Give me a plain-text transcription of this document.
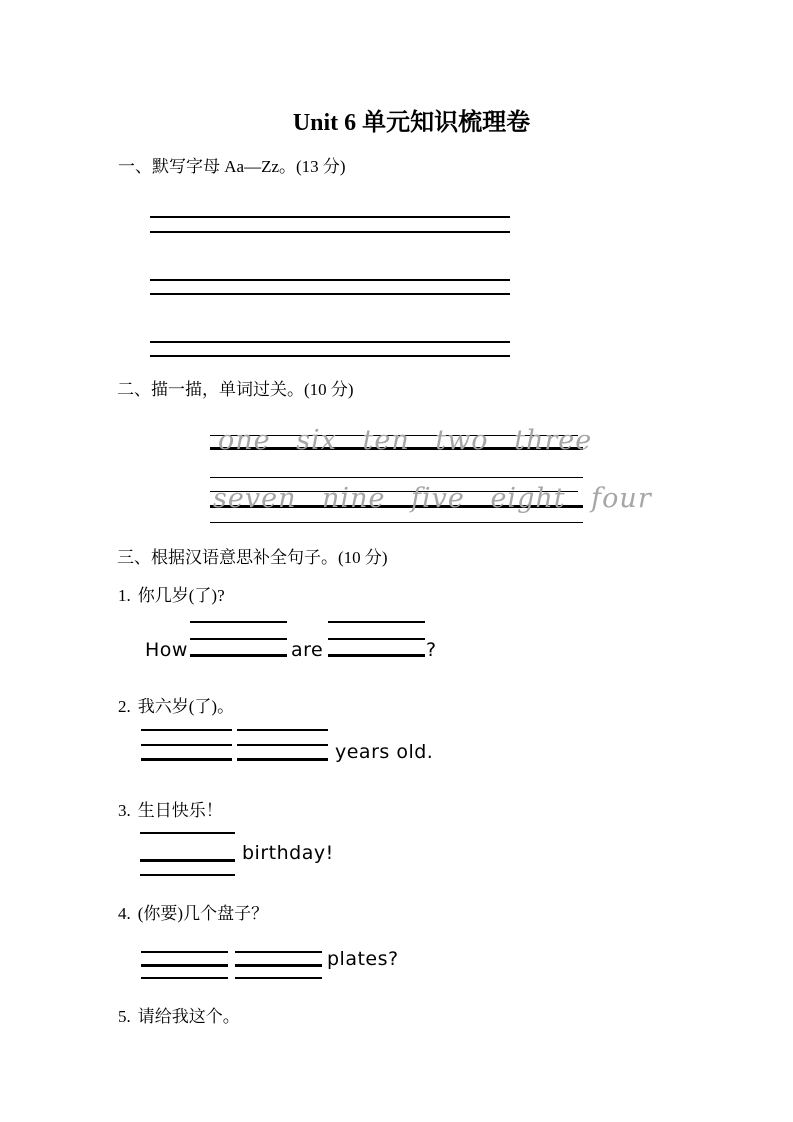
Unit 6 单元知识梳理卷
一、默写字母 Aa—Zz。(13 分)
二、描一描，单词过关。(10 分)
one six ten two three
seven nine five eight four
三、根据汉语意思补全句子。(10 分)
1. 你几岁(了)?
How	are	?
2. 我六岁(了)。
years old.
3. 生日快乐！
birthday!
4. (你要)几个盘子？
plates?
5. 请给我这个。
